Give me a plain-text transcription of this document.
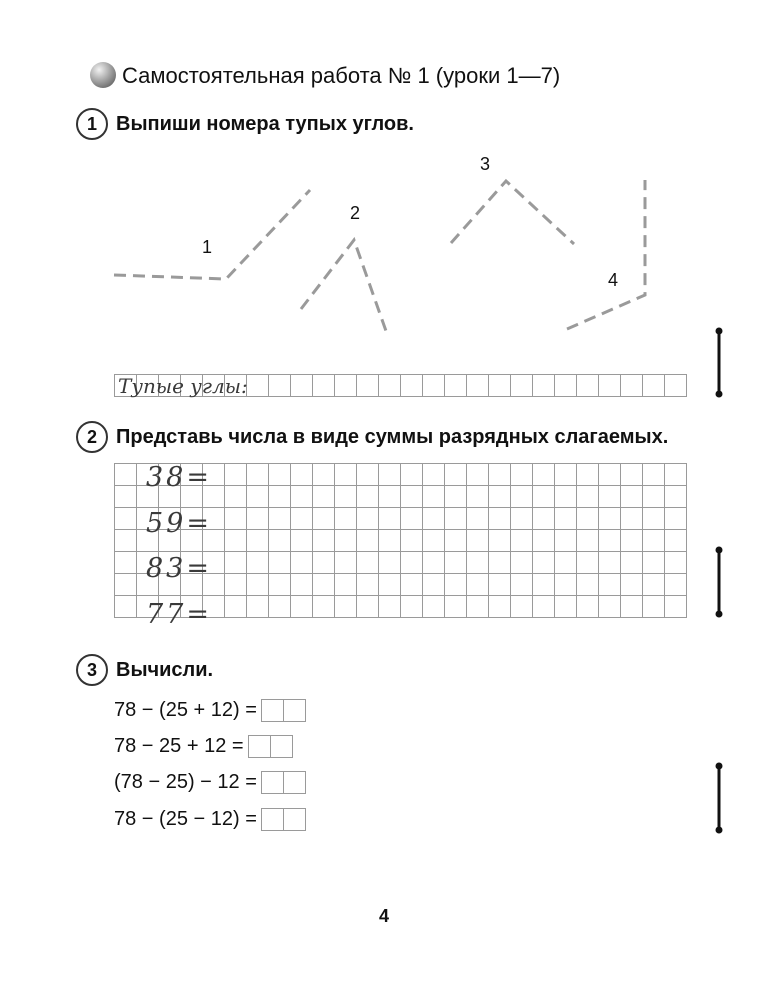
Самостоятельная работа № 1 (уроки 1—7)
1 Выпиши номера тупых углов.
1
2
3
4
Тупые углы:
2 Представь числа в виде суммы разрядных слагаемых.
38=
59=
83=
77=
3 Вычисли.
78 − (25 + 12) =
78 − 25 + 12 =
(78 − 25) − 12 =
78 − (25 − 12) =
4
